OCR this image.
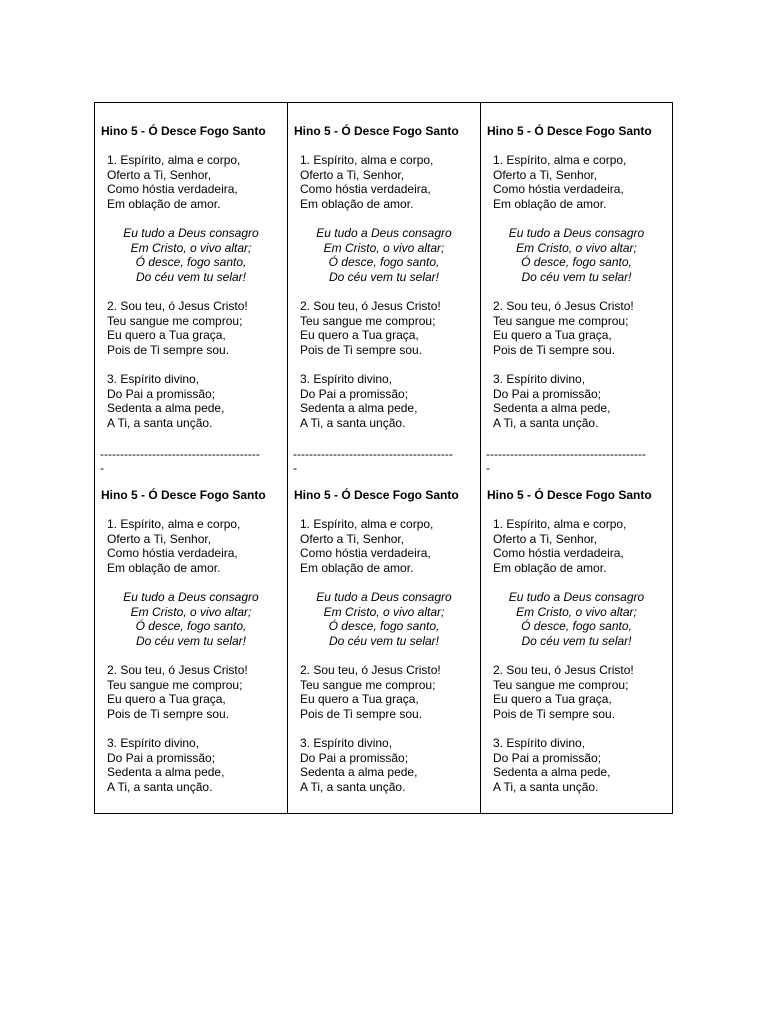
Hino 5 - Ó Desce Fogo Santo
1. Espírito, alma e corpo,
Oferto a Ti, Senhor,
Como hóstia verdadeira,
Em oblação de amor.
Eu tudo a Deus consagro
Em Cristo, o vivo altar;
Ó desce, fogo santo,
Do céu vem tu selar!
2. Sou teu, ó Jesus Cristo!
Teu sangue me comprou;
Eu quero a Tua graça,
Pois de Ti sempre sou.
3. Espírito divino,
Do Pai a promissão;
Sedenta a alma pede,
A Ti, a santa unção.
Hino 5 - Ó Desce Fogo Santo
1. Espírito, alma e corpo,
Oferto a Ti, Senhor,
Como hóstia verdadeira,
Em oblação de amor.
Eu tudo a Deus consagro
Em Cristo, o vivo altar;
Ó desce, fogo santo,
Do céu vem tu selar!
2. Sou teu, ó Jesus Cristo!
Teu sangue me comprou;
Eu quero a Tua graça,
Pois de Ti sempre sou.
3. Espírito divino,
Do Pai a promissão;
Sedenta a alma pede,
A Ti, a santa unção.
----------------------------------------
-
Hino 5 - Ó Desce Fogo Santo
1. Espírito, alma e corpo,
Oferto a Ti, Senhor,
Como hóstia verdadeira,
Em oblação de amor.
Eu tudo a Deus consagro
Em Cristo, o vivo altar;
Ó desce, fogo santo,
Do céu vem tu selar!
2. Sou teu, ó Jesus Cristo!
Teu sangue me comprou;
Eu quero a Tua graça,
Pois de Ti sempre sou.
3. Espírito divino,
Do Pai a promissão;
Sedenta a alma pede,
A Ti, a santa unção.
Hino 5 - Ó Desce Fogo Santo
1. Espírito, alma e corpo,
Oferto a Ti, Senhor,
Como hóstia verdadeira,
Em oblação de amor.
Eu tudo a Deus consagro
Em Cristo, o vivo altar;
Ó desce, fogo santo,
Do céu vem tu selar!
2. Sou teu, ó Jesus Cristo!
Teu sangue me comprou;
Eu quero a Tua graça,
Pois de Ti sempre sou.
3. Espírito divino,
Do Pai a promissão;
Sedenta a alma pede,
A Ti, a santa unção.
----------------------------------------
-
Hino 5 - Ó Desce Fogo Santo
1. Espírito, alma e corpo,
Oferto a Ti, Senhor,
Como hóstia verdadeira,
Em oblação de amor.
Eu tudo a Deus consagro
Em Cristo, o vivo altar;
Ó desce, fogo santo,
Do céu vem tu selar!
2. Sou teu, ó Jesus Cristo!
Teu sangue me comprou;
Eu quero a Tua graça,
Pois de Ti sempre sou.
3. Espírito divino,
Do Pai a promissão;
Sedenta a alma pede,
A Ti, a santa unção.
Hino 5 - Ó Desce Fogo Santo
1. Espírito, alma e corpo,
Oferto a Ti, Senhor,
Como hóstia verdadeira,
Em oblação de amor.
Eu tudo a Deus consagro
Em Cristo, o vivo altar;
Ó desce, fogo santo,
Do céu vem tu selar!
2. Sou teu, ó Jesus Cristo!
Teu sangue me comprou;
Eu quero a Tua graça,
Pois de Ti sempre sou.
3. Espírito divino,
Do Pai a promissão;
Sedenta a alma pede,
A Ti, a santa unção.
----------------------------------------
-
